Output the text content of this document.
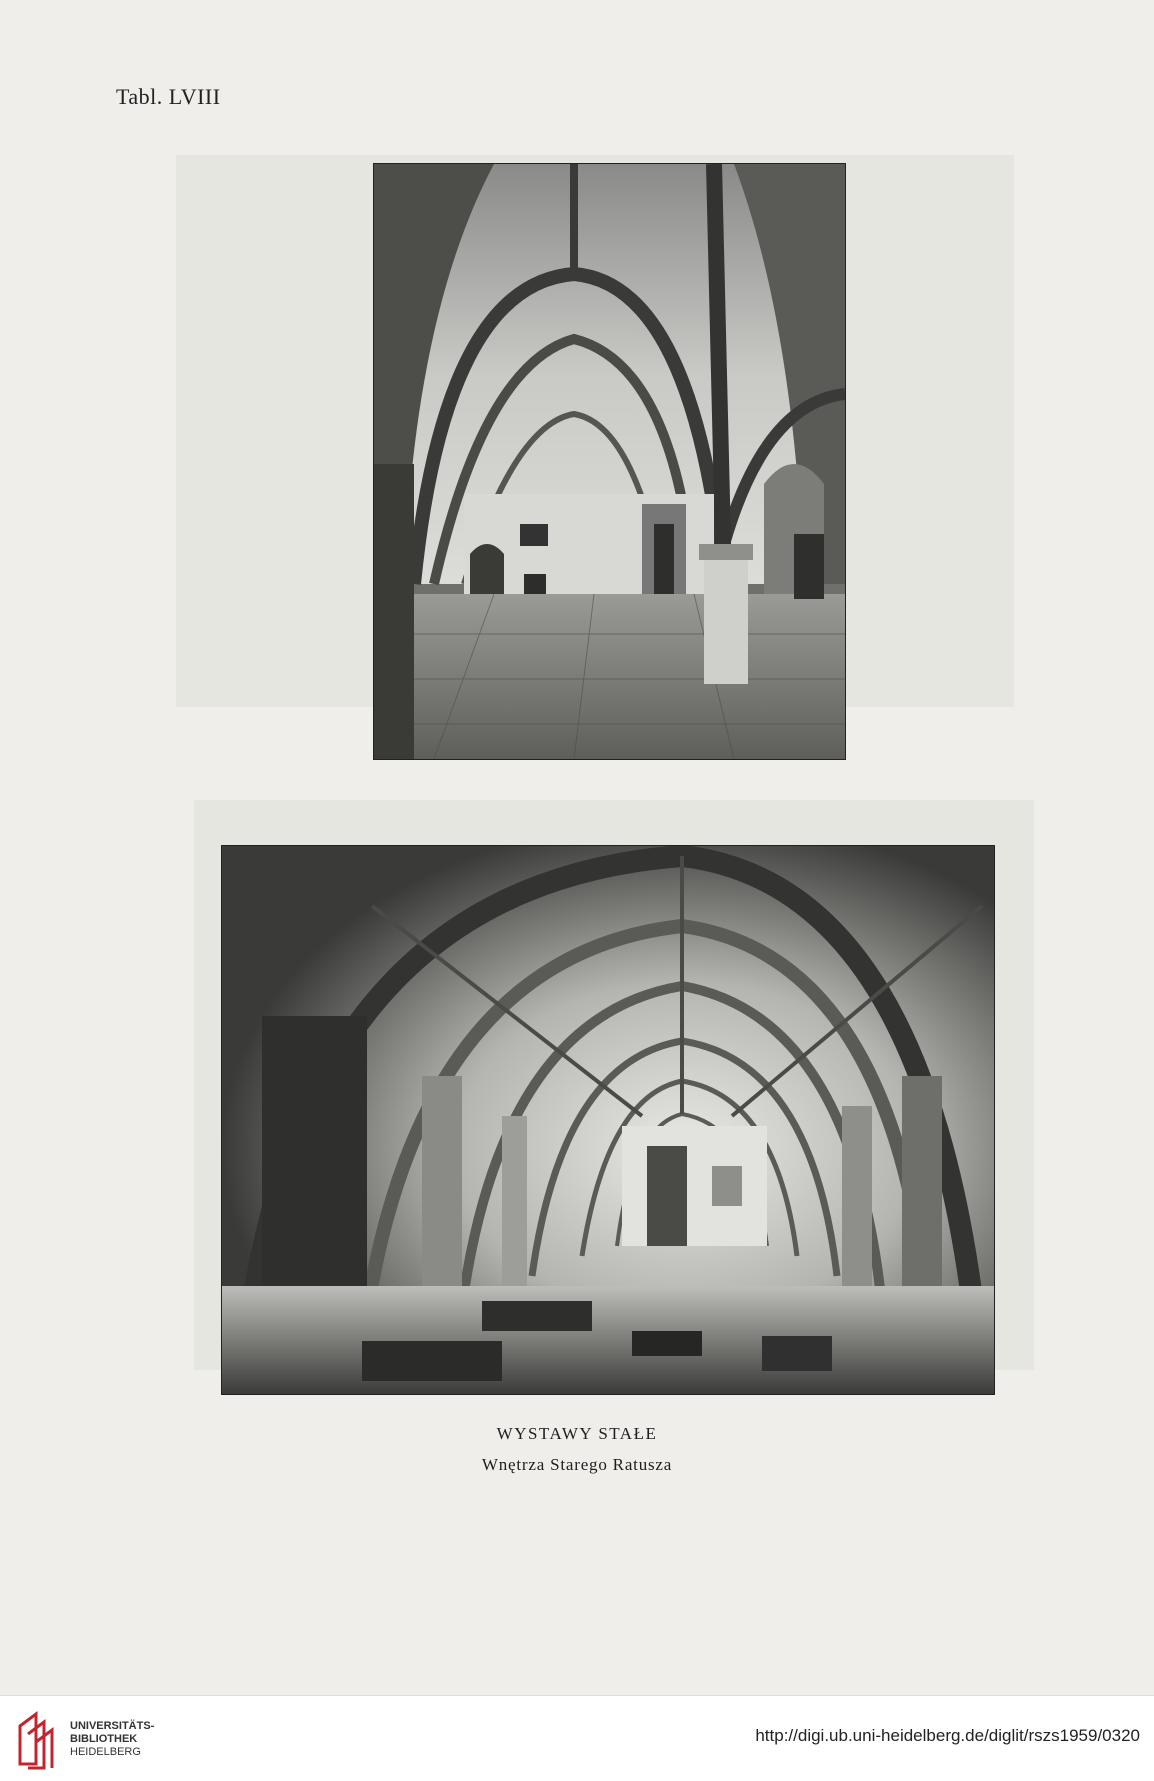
Tabl. LVIII
WYSTAWY STAŁE
Wnętrza Starego Ratusza
UNIVERSITÄTS-
BIBLIOTHEK
HEIDELBERG
http://digi.ub.uni-heidelberg.de/diglit/rszs1959/0320
